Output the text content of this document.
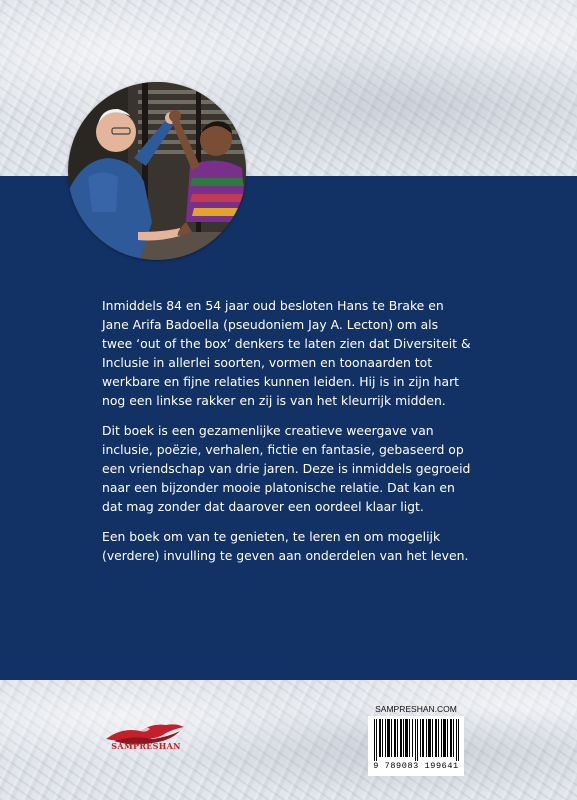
Inmiddels 84 en 54 jaar oud besloten Hans te Brake en Jane Arifa Badoella (pseudoniem Jay A. Lecton) om als twee ‘out of the box’ denkers te laten zien dat Diversiteit & Inclusie in allerlei soorten, vormen en toonaarden tot werkbare en fijne relaties kunnen leiden. Hij is in zijn hart nog een linkse rakker en zij is van het kleurrijk midden.

Dit boek is een gezamenlijke creatieve weergave van inclusie, poëzie, verhalen, fictie en fantasie, gebaseerd op een vriendschap van drie jaren. Deze is inmiddels gegroeid naar een bijzonder mooie platonische relatie. Dat kan en dat mag zonder dat daarover een oordeel klaar ligt.

Een boek om van te genieten, te leren en om mogelijk (verdere) invulling te geven aan onderdelen van het leven.

SAMPRESHAN
SAMPRESHAN.COM
9 789083 199641
